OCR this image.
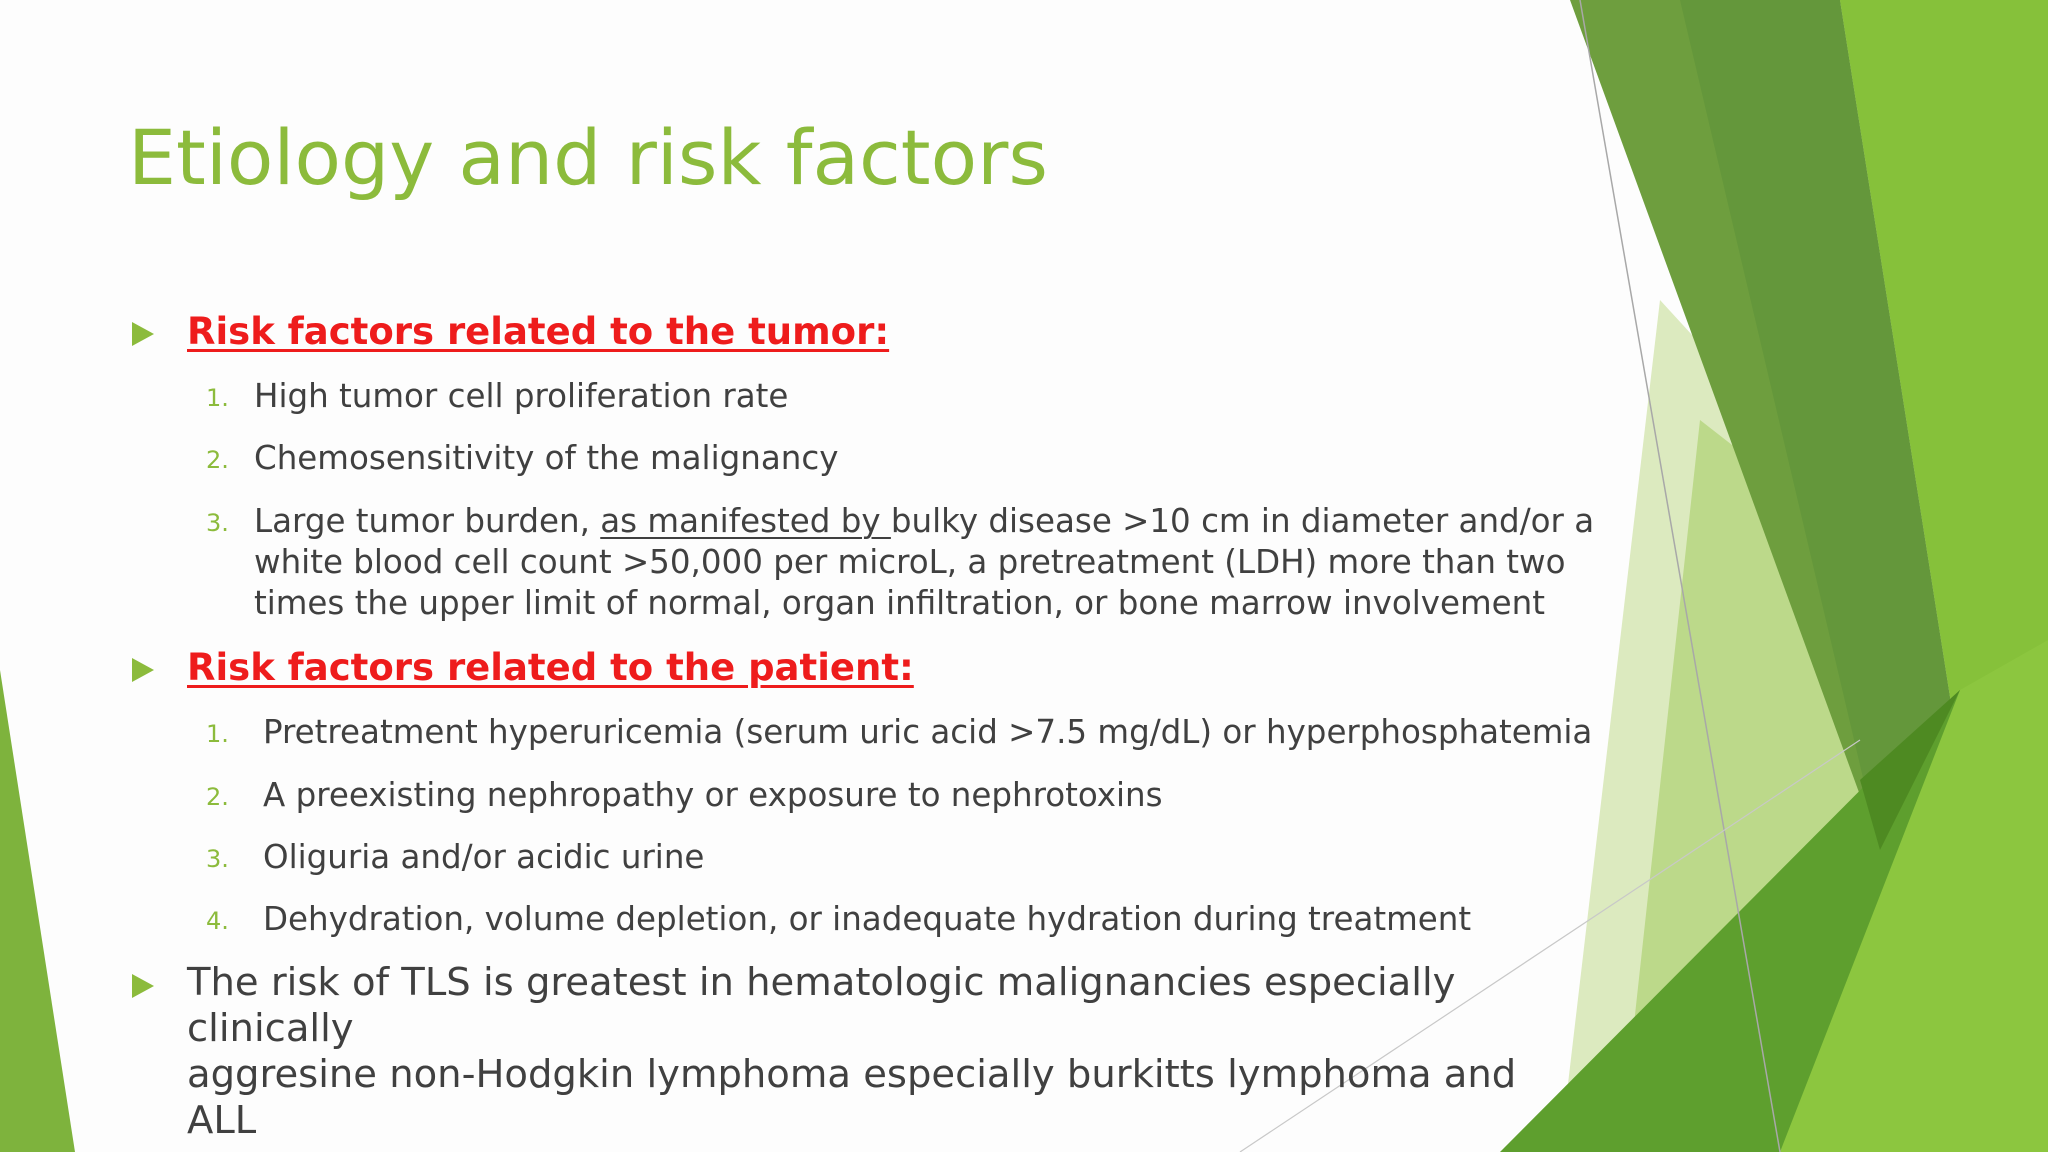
Etiology and risk factors
Risk factors related to the tumor:
1. High tumor cell proliferation rate
2. Chemosensitivity of the malignancy
3. Large tumor burden, as manifested by bulky disease >10 cm in diameter and/or a
white blood cell count >50,000 per microL, a pretreatment (LDH) more than two
times the upper limit of normal, organ infiltration, or bone marrow involvement
Risk factors related to the patient:
1. Pretreatment hyperuricemia (serum uric acid >7.5 mg/dL) or hyperphosphatemia
2. A preexisting nephropathy or exposure to nephrotoxins
3. Oliguria and/or acidic urine
4. Dehydration, volume depletion, or inadequate hydration during treatment
The risk of TLS is greatest in hematologic malignancies especially clinically
aggresine non-Hodgkin lymphoma especially burkitts lymphoma and ALL
